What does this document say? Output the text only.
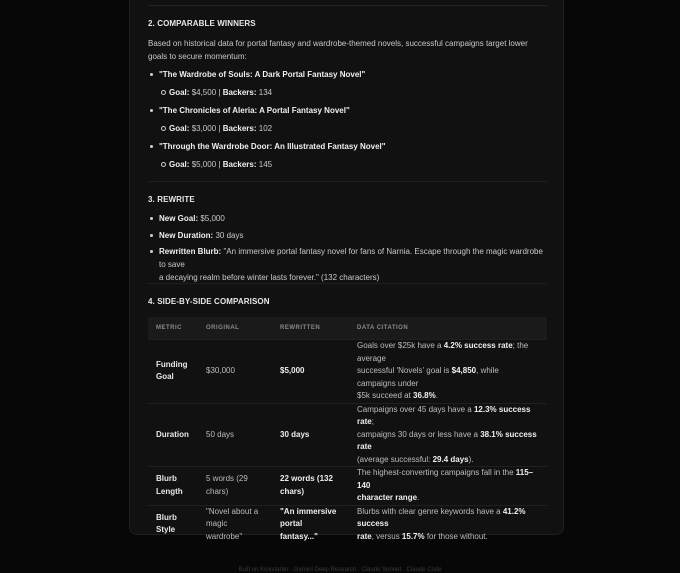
2. COMPARABLE WINNERS
Based on historical data for portal fantasy and wardrobe-themed novels, successful campaigns target lower goals to secure momentum:
"The Wardrobe of Souls: A Dark Portal Fantasy Novel"
Goal: $4,500 | Backers: 134
"The Chronicles of Aleria: A Portal Fantasy Novel"
Goal: $3,000 | Backers: 102
"Through the Wardrobe Door: An Illustrated Fantasy Novel"
Goal: $5,000 | Backers: 145
3. REWRITE
New Goal: $5,000
New Duration: 30 days
Rewritten Blurb: "An immersive portal fantasy novel for fans of Narnia. Escape through the magic wardrobe to save
a decaying realm before winter lasts forever." (132 characters)
4. SIDE-BY-SIDE COMPARISON
METRIC	ORIGINAL	REWRITTEN	DATA CITATION
Funding
Goal	$30,000	$5,000	Goals over $25k have a 4.2% success rate; the average
successful 'Novels' goal is $4,850, while campaigns under
$5k succeed at 36.8%.
Duration	50 days	30 days	Campaigns over 45 days have a 12.3% success rate;
campaigns 30 days or less have a 38.1% success rate
(average successful: 29.4 days).
Blurb
Length	5 words (29 chars)	22 words (132
chars)	The highest-converting campaigns fall in the 115–140
character range.
Blurb
Style	"Novel about a
magic wardrobe"	"An immersive
portal fantasy..."	Blurbs with clear genre keywords have a 41.2% success
rate, versus 15.7% for those without.
Built on Kickstarter · Gemini Deep Research · Claude Sonnet · Claude Code
